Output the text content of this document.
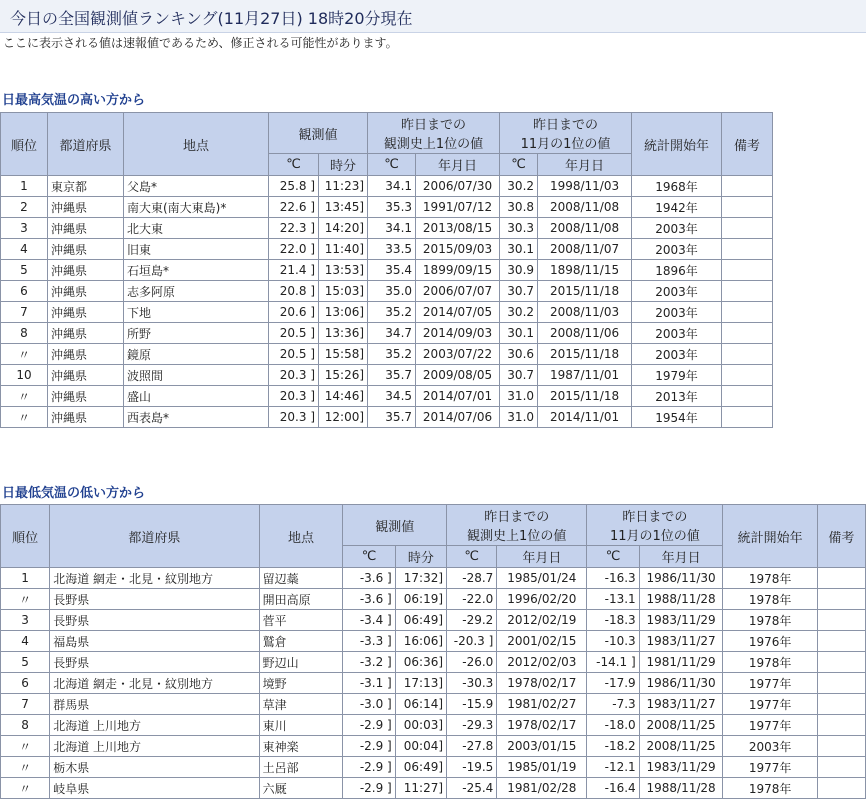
今日の全国観測値ランキング(11月27日) 18時20分現在
ここに表示される値は速報値であるため、修正される可能性があります。
日最高気温の高い方から
順位	都道府県	地点	観測値		昨日までの
観測史上1位の値		昨日までの
11月の1位の値		統計開始年	備考
			℃	時分	℃	年月日	℃	年月日		
1	東京都	父島*	25.8 ]	11:23]	34.1	2006/07/30	30.2	1998/11/03	1968年	
2	沖縄県	南大東(南大東島)*	22.6 ]	13:45]	35.3	1991/07/12	30.8	2008/11/08	1942年	
3	沖縄県	北大東	22.3 ]	14:20]	34.1	2013/08/15	30.3	2008/11/08	2003年	
4	沖縄県	旧東	22.0 ]	11:40]	33.5	2015/09/03	30.1	2008/11/07	2003年	
5	沖縄県	石垣島*	21.4 ]	13:53]	35.4	1899/09/15	30.9	1898/11/15	1896年	
6	沖縄県	志多阿原	20.8 ]	15:03]	35.0	2006/07/07	30.7	2015/11/18	2003年	
7	沖縄県	下地	20.6 ]	13:06]	35.2	2014/07/05	30.2	2008/11/03	2003年	
8	沖縄県	所野	20.5 ]	13:36]	34.7	2014/09/03	30.1	2008/11/06	2003年	
〃	沖縄県	鏡原	20.5 ]	15:58]	35.2	2003/07/22	30.6	2015/11/18	2003年	
10	沖縄県	波照間	20.3 ]	15:26]	35.7	2009/08/05	30.7	1987/11/01	1979年	
〃	沖縄県	盛山	20.3 ]	14:46]	34.5	2014/07/01	31.0	2015/11/18	2013年	
〃	沖縄県	西表島*	20.3 ]	12:00]	35.7	2014/07/06	31.0	2014/11/01	1954年	
日最低気温の低い方から
順位	都道府県	地点	観測値		昨日までの
観測史上1位の値		昨日までの
11月の1位の値		統計開始年	備考
			℃	時分	℃	年月日	℃	年月日		
1	北海道 網走・北見・紋別地方	留辺蘂	-3.6 ]	17:32]	-28.7	1985/01/24	-16.3	1986/11/30	1978年	
〃	長野県	開田高原	-3.6 ]	06:19]	-22.0	1996/02/20	-13.1	1988/11/28	1978年	
3	長野県	菅平	-3.4 ]	06:49]	-29.2	2012/02/19	-18.3	1983/11/29	1978年	
4	福島県	鷲倉	-3.3 ]	16:06]	-20.3 ]	2001/02/15	-10.3	1983/11/27	1976年	
5	長野県	野辺山	-3.2 ]	06:36]	-26.0	2012/02/03	-14.1 ]	1981/11/29	1978年	
6	北海道 網走・北見・紋別地方	境野	-3.1 ]	17:13]	-30.3	1978/02/17	-17.9	1986/11/30	1977年	
7	群馬県	草津	-3.0 ]	06:14]	-15.9	1981/02/27	-7.3	1983/11/27	1977年	
8	北海道 上川地方	東川	-2.9 ]	00:03]	-29.3	1978/02/17	-18.0	2008/11/25	1977年	
〃	北海道 上川地方	東神楽	-2.9 ]	00:04]	-27.8	2003/01/15	-18.2	2008/11/25	2003年	
〃	栃木県	土呂部	-2.9 ]	06:49]	-19.5	1985/01/19	-12.1	1983/11/29	1977年	
〃	岐阜県	六厩	-2.9 ]	11:27]	-25.4	1981/02/28	-16.4	1988/11/28	1978年	
